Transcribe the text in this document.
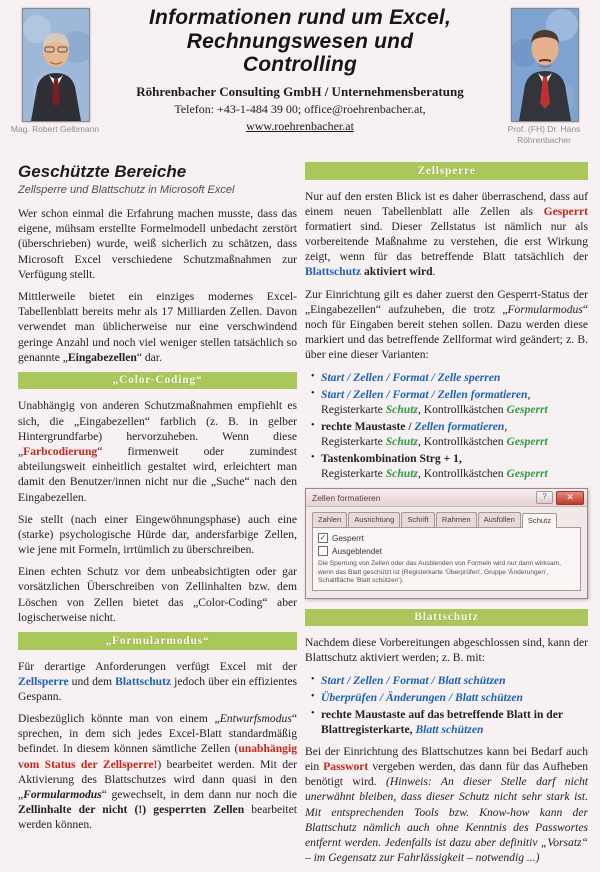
Mag. Robert Gelbmann
Informationen rund um Excel,
Rechnungswesen und
Controlling
Röhrenbacher Consulting GmbH / Unternehmensberatung
Telefon: +43-1-484 39 00; office@roehrenbacher.at,
www.roehrenbacher.at	Prof. (FH) Dr. Hans Röhrenbacher
Geschützte Bereiche
Zellsperre und Blattschutz in Microsoft Excel

Wer schon einmal die Erfahrung machen musste, dass das eigene, mühsam erstellte Formelmodell unbedacht zerstört (überschrieben) wurde, weiß sicherlich zu schätzen, dass Microsoft Excel verschiedene Schutzmaßnahmen zur Verfügung stellt.

Mittlerweile bietet ein einziges modernes Excel-Tabellenblatt bereits mehr als 17 Milliarden Zellen. Davon verwendet man üblicherweise nur eine verschwindend geringe Anzahl und noch viel weniger stellen tatsächlich so genannte „Eingabezellen“ dar.

„Color-Coding“

Unabhängig von anderen Schutzmaßnahmen empfiehlt es sich, die „Eingabezellen“ farblich (z. B. in gelber Hintergrundfarbe) hervorzuheben. Wenn diese „Farbcodierung“ firmenweit oder zumindest abteilungsweit einheitlich gestaltet wird, erleichtert man damit den Benutzer/innen nicht nur die „Suche“ nach den Eingabezellen.

Sie stellt (nach einer Eingewöhnungsphase) auch eine (starke) psychologische Hürde dar, andersfarbige Zellen, wie jene mit Formeln, irrtümlich zu überschreiben.

Einen echten Schutz vor dem unbeabsichtigten oder gar vorsätzlichen Überschreiben von Zellinhalten bzw. dem Löschen von Zellen bietet das „Color-Coding“ aber logischerweise nicht.

„Formularmodus“

Für derartige Anforderungen verfügt Excel mit der Zellsperre und dem Blattschutz jedoch über ein effizientes Gespann.

Diesbezüglich könnte man von einem „Entwurfsmodus“ sprechen, in dem sich jedes Excel-Blatt standardmäßig befindet. In diesem können sämtliche Zellen (unabhängig vom Status der Zellsperre!) bearbeitet werden. Mit der Aktivierung des Blattschutzes wird dann quasi in den „Formularmodus“ gewechselt, in dem dann nur noch die Zellinhalte der nicht (!) gesperrten Zellen bearbeitet werden können.

Zellsperre

Nur auf den ersten Blick ist es daher überraschend, dass auf einem neuen Tabellenblatt alle Zellen als Gesperrt formatiert sind. Dieser Zellstatus ist nämlich nur als vorbereitende Maßnahme zu verstehen, die erst Wirkung zeigt, wenn für das betreffende Blatt tatsächlich der Blattschutz aktiviert wird.

Zur Einrichtung gilt es daher zuerst den Gesperrt-Status der „Eingabezellen“ aufzuheben, die trotz „Formularmodus“ noch für Eingaben bereit stehen sollen. Dazu werden diese markiert und das betreffende Zellformat wird geändert; z. B. über eine dieser Varianten:

• Start / Zellen / Format / Zelle sperren
• Start / Zellen / Format / Zellen formatieren,
Registerkarte Schutz, Kontrollkästchen Gesperrt
• rechte Maustaste / Zellen formatieren,
Registerkarte Schutz, Kontrollkästchen Gesperrt
• Tastenkombination Strg + 1,
Registerkarte Schutz, Kontrollkästchen Gesperrt
Zellen formatieren	?	✕
Zahlen	Ausrichtung	Schrift	Rahmen	Ausfüllen	Schutz
✓
Gesperrt
Ausgeblendet
Die Sperrung von Zellen oder das Ausblenden von Formeln wird nur dann wirksam, wenn das Blatt geschützt ist (Registerkarte 'Überprüfen', Gruppe 'Änderungen', Schaltfläche 'Blatt schützen').
Blattschutz

Nachdem diese Vorbereitungen abgeschlossen sind, kann der Blattschutz aktiviert werden; z. B. mit:

• Start / Zellen / Format / Blatt schützen
• Überprüfen / Änderungen / Blatt schützen
• rechte Maustaste auf das betreffende Blatt in der Blattregisterkarte, Blatt schützen

Bei der Einrichtung des Blattschutzes kann bei Bedarf auch ein Passwort vergeben werden, das dann für das Aufheben benötigt wird. (Hinweis: An dieser Stelle darf nicht unerwähnt bleiben, dass dieser Schutz nicht sehr stark ist. Mit entsprechenden Tools bzw. Know-how kann der Blattschutz nämlich auch ohne Kenntnis des Passwortes entfernt werden. Jedenfalls ist dazu aber definitiv „Vorsatz“ – im Gegensatz zur Fahrlässigkeit – notwendig ...)
